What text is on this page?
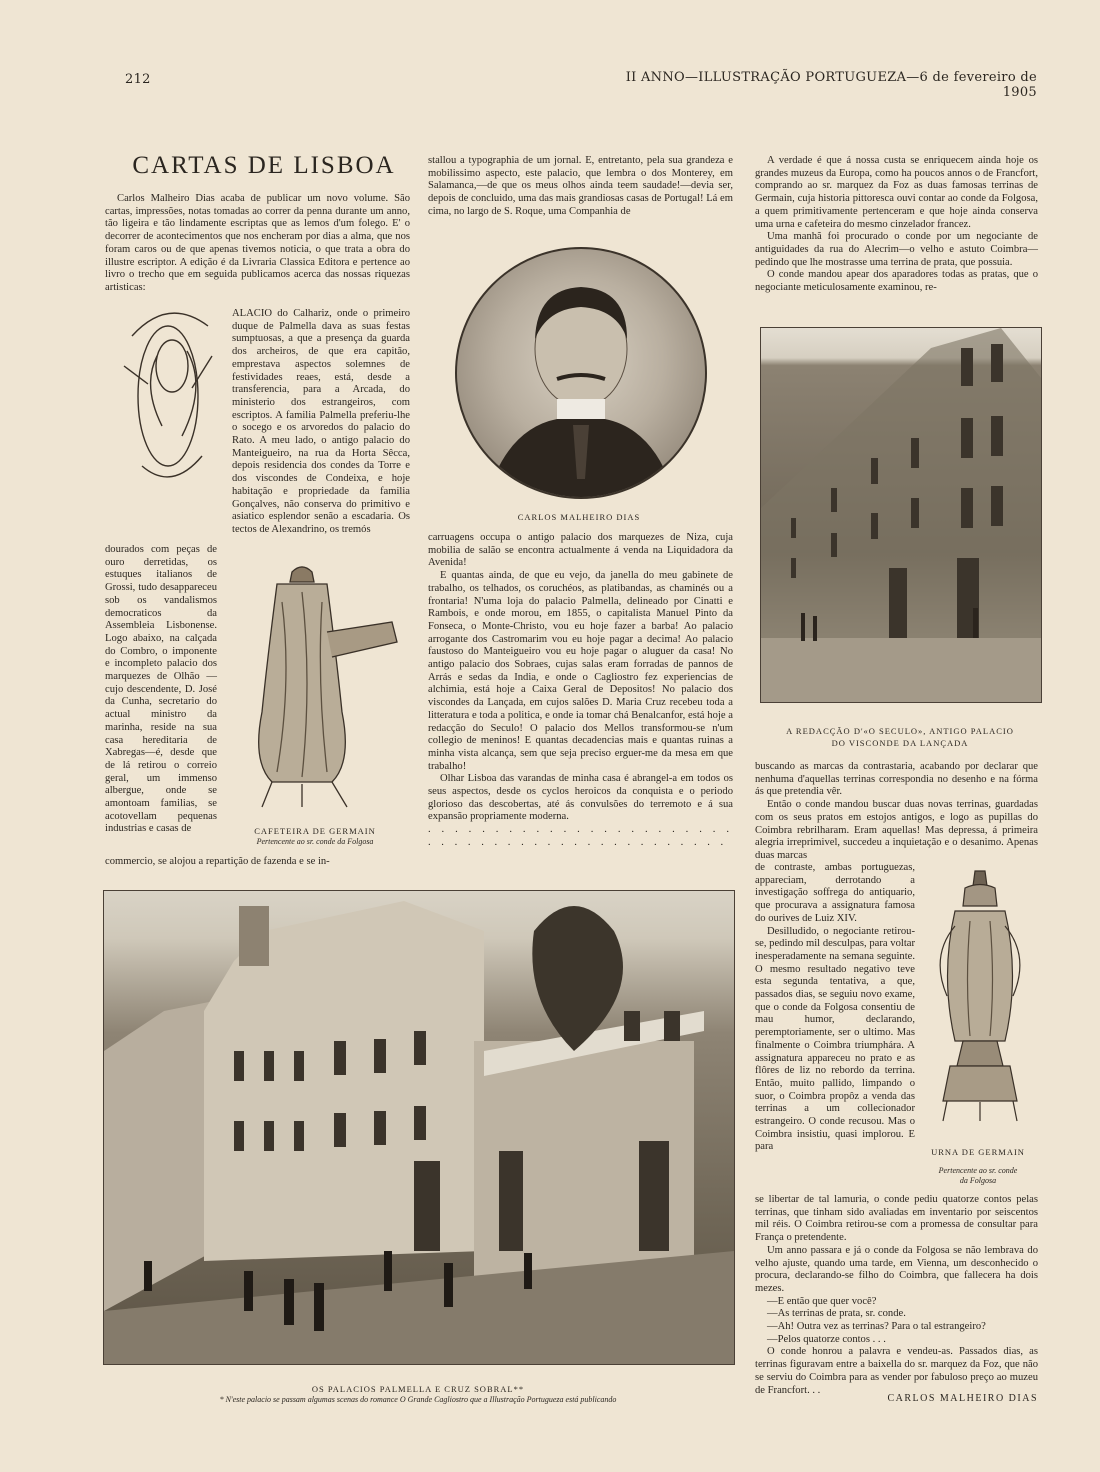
212	II ANNO—ILLUSTRAÇÃO PORTUGUEZA—6 de fevereiro de 1905
CARTAS DE LISBOA

Carlos Malheiro Dias acaba de publicar um novo volume. São cartas, impressões, notas tomadas ao correr da penna durante um anno, tão ligeira e tão lindamente escriptas que as lemos d'um folego. E' o decorrer de acontecimentos que nos encheram por dias a alma, que nos foram caros ou de que apenas tivemos noticia, o que trata a obra do illustre escriptor. A edição é da Livraria Classica Editora e pertence ao livro o trecho que em seguida publicamos acerca das nossas riquezas artisticas:

ALACIO do Calhariz, onde o primeiro duque de Palmella dava as suas festas sumptuosas, a que a presença da guarda dos archeiros, de que era capitão, emprestava aspectos solemnes de festividades reaes, está, desde a transferencia, para a Arcada, do ministerio dos estrangeiros, com escriptos. A familia Palmella preferiu-lhe o socego e os arvoredos do palacio do Rato. A meu lado, o antigo palacio do Manteigueiro, na rua da Horta Sêcca, depois residencia dos condes da Torre e dos viscondes de Condeixa, e hoje habitação e propriedade da familia Gonçalves, não conserva do primitivo e asiatico esplendor senão a escadaria. Os tectos de Alexandrino, os tremós

CAFETEIRA DE GERMAIN
Pertencente ao sr. conde da Folgosa

dourados com peças de ouro derretidas, os estuques italianos de Grossi, tudo desappareceu sob os vandalismos democraticos da Assembleia Lisbonense. Logo abaixo, na calçada do Combro, o imponente e incompleto palacio dos marquezes de Olhão —cujo descendente, D. José da Cunha, secretario do actual ministro da marinha, reside na sua casa hereditaria de Xabregas—é, desde que de lá retirou o correio geral, um immenso albergue, onde se amontoam familias, se acotovellam pequenas industrias e casas de

commercio, se alojou a repartição de fazenda e se in-

stallou a typographia de um jornal. E, entretanto, pela sua grandeza e mobilissimo aspecto, este palacio, que lembra o dos Monterey, em Salamanca,—de que os meus olhos ainda teem saudade!—devia ser, depois de concluido, uma das mais grandiosas casas de Portugal! Lá em cima, no largo de S. Roque, uma Companhia de

CARLOS MALHEIRO DIAS

carruagens occupa o antigo palacio dos marquezes de Niza, cuja mobilia de salão se encontra actualmente á venda na Liquidadora da Avenida!

E quantas ainda, de que eu vejo, da janella do meu gabinete de trabalho, os telhados, os coruchéos, as platibandas, as chaminés ou a frontaria! N'uma loja do palacio Palmella, delineado por Cinatti e Rambois, e onde morou, em 1855, o capitalista Manuel Pinto da Fonseca, o Monte-Christo, vou eu hoje fazer a barba! Ao palacio arrogante dos Castromarim vou eu hoje pagar a decima! Ao palacio faustoso do Manteigueiro vou eu hoje pagar o aluguer da casa! No antigo palacio dos Sobraes, cujas salas eram forradas de pannos de Arrás e sedas da India, e onde o Cagliostro fez experiencias de alchimia, está hoje a Caixa Geral de Depositos! No palacio dos viscondes da Lançada, em cujos salões D. Maria Cruz recebeu toda a litteratura e toda a politica, e onde ia tomar chá Benalcanfor, está hoje a redacção do Seculo! O palacio dos Mellos transformou-se n'um collegio de meninos! E quantas decadencias mais e quantas ruinas a minha vista alcança, sem que seja preciso erguer-me da mesa em que trabalho!

Olhar Lisboa das varandas de minha casa é abrangel-a em todos os seus aspectos, desde os cyclos heroicos da conquista e o periodo glorioso das descobertas, até ás convulsões do terremoto e á sua expansão propriamente moderna.

. . . . . . . . . . . . . . . . . . . . . . . . . . . . . . . . . . . . . . . . . . . . . .

A verdade é que á nossa custa se enriquecem ainda hoje os grandes muzeus da Europa, como ha poucos annos o de Francfort, comprando ao sr. marquez da Foz as duas famosas terrinas de Germain, cuja historia pittoresca ouvi contar ao conde da Folgosa, a quem primitivamente pertenceram e que hoje ainda conserva uma urna e cafeteira do mesmo cinzelador francez.

Uma manhã foi procurado o conde por um negociante de antiguidades da rua do Alecrim—o velho e astuto Coimbra—pedindo que lhe mostrasse uma terrina de prata, que possuia.

O conde mandou apear dos aparadores todas as pratas, que o negociante meticulosamente examinou, re-

A REDACÇÃO D'«O SECULO», ANTIGO PALACIO
DO VISCONDE DA LANÇADA

buscando as marcas da contrastaria, acabando por declarar que nenhuma d'aquellas terrinas correspondia no desenho e na fórma ás que pretendia vêr.

Então o conde mandou buscar duas novas terrinas, guardadas com os seus pratos em estojos antigos, e logo as pupillas do Coimbra rebrilharam. Eram aquellas! Mas depressa, á primeira alegria irreprimivel, succedeu a inquietação e o desanimo. Apenas duas marcas

de contraste, ambas portuguezas, appareciam, derrotando a investigação soffrega do antiquario, que procurava a assignatura famosa do ourives de Luiz XIV.

Desilludido, o negociante retirou-se, pedindo mil desculpas, para voltar inesperadamente na semana seguinte. O mesmo resultado negativo teve esta segunda tentativa, a que, passados dias, se seguiu novo exame, que o conde da Folgosa consentiu de mau humor, declarando, peremptoriamente, ser o ultimo. Mas finalmente o Coimbra triumphára. A assignatura appareceu no prato e as flôres de liz no rebordo da terrina. Então, muito pallido, limpando o suor, o Coimbra propôz a venda das terrinas a um collecionador estrangeiro. O conde recusou. Mas o Coimbra insistiu, quasi implorou. E para	URNA DE GERMAIN
Pertencente ao sr. conde
da Folgosa

se libertar de tal lamuria, o conde pediu quatorze contos pelas terrinas, que tinham sido avaliadas em inventario por seiscentos mil réis. O Coimbra retirou-se com a promessa de consultar para França o pretendente.

Um anno passara e já o conde da Folgosa se não lembrava do velho ajuste, quando uma tarde, em Vienna, um desconhecido o procura, declarando-se filho do Coimbra, que fallecera ha dois mezes.

—E então que quer você?

—As terrinas de prata, sr. conde.

—Ah! Outra vez as terrinas? Para o tal estrangeiro?

—Pelos quatorze contos . . .

O conde honrou a palavra e vendeu-as. Passados dias, as terrinas figuravam entre a baixella do sr. marquez da Foz, que não se serviu do Coimbra para as vender por fabuloso preço ao muzeu de Francfort. . .

CARLOS MALHEIRO DIAS
OS PALACIOS PALMELLA E CRUZ SOBRAL**
* N'este palacio se passam algumas scenas do romance O Grande Cagliostro que a Illustração Portugueza está publicando
